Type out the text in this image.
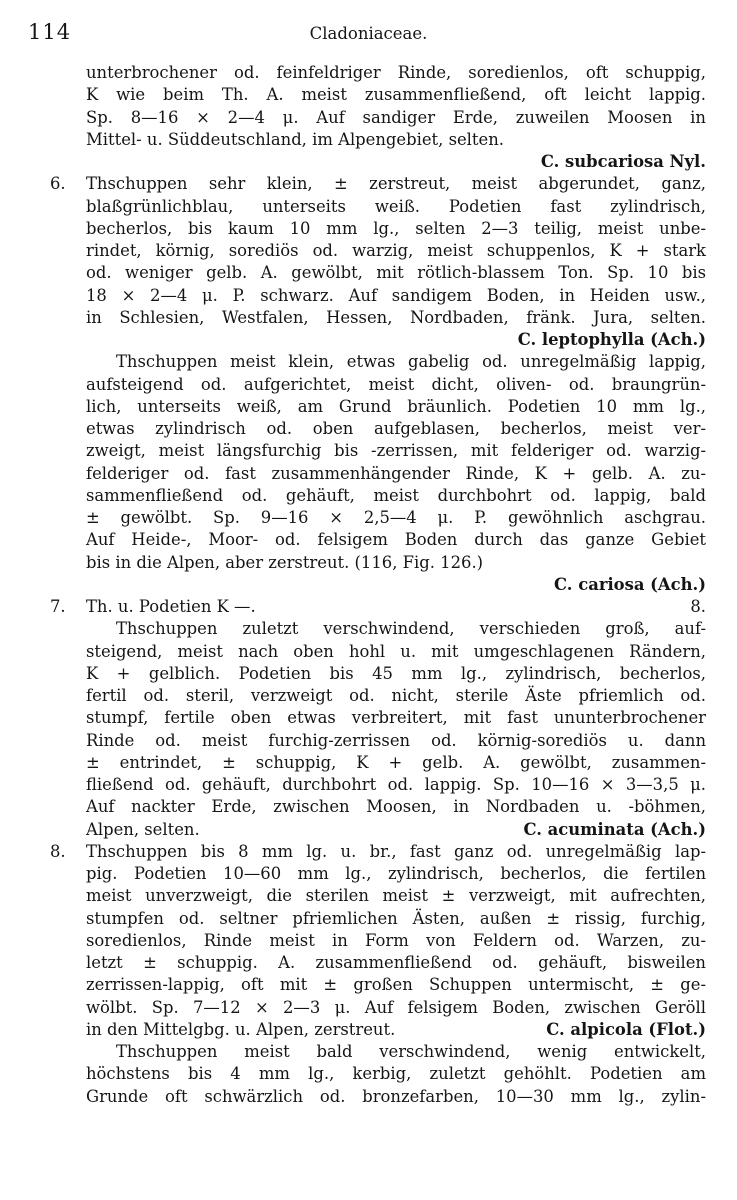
114	Cladoniaceae.
unterbrochener od. feinfeldriger Rinde, soredienlos, oft schuppig,
K wie beim Th. A. meist zusammenfließend, oft leicht lappig.
Sp. 8—16 × 2—4 μ. Auf sandiger Erde, zuweilen Moosen in
Mittel- u. Süddeutschland, im Alpengebiet, selten.
C. subcariosa Nyl.
6. Thschuppen sehr klein, ± zerstreut, meist abgerundet, ganz,
blaßgrünlichblau, unterseits weiß. Podetien fast zylindrisch,
becherlos, bis kaum 10 mm lg., selten 2—3 teilig, meist unbe-
rindet, körnig, sorediös od. warzig, meist schuppenlos, K + stark
od. weniger gelb. A. gewölbt, mit rötlich-blassem Ton. Sp. 10 bis
18 × 2—4 μ. P. schwarz. Auf sandigem Boden, in Heiden usw.,
in Schlesien, Westfalen, Hessen, Nordbaden, fränk. Jura, selten.
C. leptophylla (Ach.)
Thschuppen meist klein, etwas gabelig od. unregelmäßig lappig,
aufsteigend od. aufgerichtet, meist dicht, oliven- od. braungrün-
lich, unterseits weiß, am Grund bräunlich. Podetien 10 mm lg.,
etwas zylindrisch od. oben aufgeblasen, becherlos, meist ver-
zweigt, meist längsfurchig bis -zerrissen, mit felderiger od. warzig-
felderiger od. fast zusammenhängender Rinde, K + gelb. A. zu-
sammenfließend od. gehäuft, meist durchbohrt od. lappig, bald
± gewölbt. Sp. 9—16 × 2,5—4 μ. P. gewöhnlich aschgrau.
Auf Heide-, Moor- od. felsigem Boden durch das ganze Gebiet
bis in die Alpen, aber zerstreut. (116, Fig. 126.)
C. cariosa (Ach.)
7. Th. u. Podetien K —.	8.
Thschuppen zuletzt verschwindend, verschieden groß, auf-
steigend, meist nach oben hohl u. mit umgeschlagenen Rändern,
K + gelblich. Podetien bis 45 mm lg., zylindrisch, becherlos,
fertil od. steril, verzweigt od. nicht, sterile Äste pfriemlich od.
stumpf, fertile oben etwas verbreitert, mit fast ununterbrochener
Rinde od. meist furchig-zerrissen od. körnig-sorediös u. dann
± entrindet, ± schuppig, K + gelb. A. gewölbt, zusammen-
fließend od. gehäuft, durchbohrt od. lappig. Sp. 10—16 × 3—3,5 μ.
Auf nackter Erde, zwischen Moosen, in Nordbaden u. -böhmen,
Alpen, selten.	C. acuminata (Ach.)
8. Thschuppen bis 8 mm lg. u. br., fast ganz od. unregelmäßig lap-
pig. Podetien 10—60 mm lg., zylindrisch, becherlos, die fertilen
meist unverzweigt, die sterilen meist ± verzweigt, mit aufrechten,
stumpfen od. seltner pfriemlichen Ästen, außen ± rissig, furchig,
soredienlos, Rinde meist in Form von Feldern od. Warzen, zu-
letzt ± schuppig. A. zusammenfließend od. gehäuft, bisweilen
zerrissen-lappig, oft mit ± großen Schuppen untermischt, ± ge-
wölbt. Sp. 7—12 × 2—3 μ. Auf felsigem Boden, zwischen Geröll
in den Mittelgbg. u. Alpen, zerstreut.	C. alpicola (Flot.)
Thschuppen meist bald verschwindend, wenig entwickelt,
höchstens bis 4 mm lg., kerbig, zuletzt gehöhlt. Podetien am
Grunde oft schwärzlich od. bronzefarben, 10—30 mm lg., zylin-
